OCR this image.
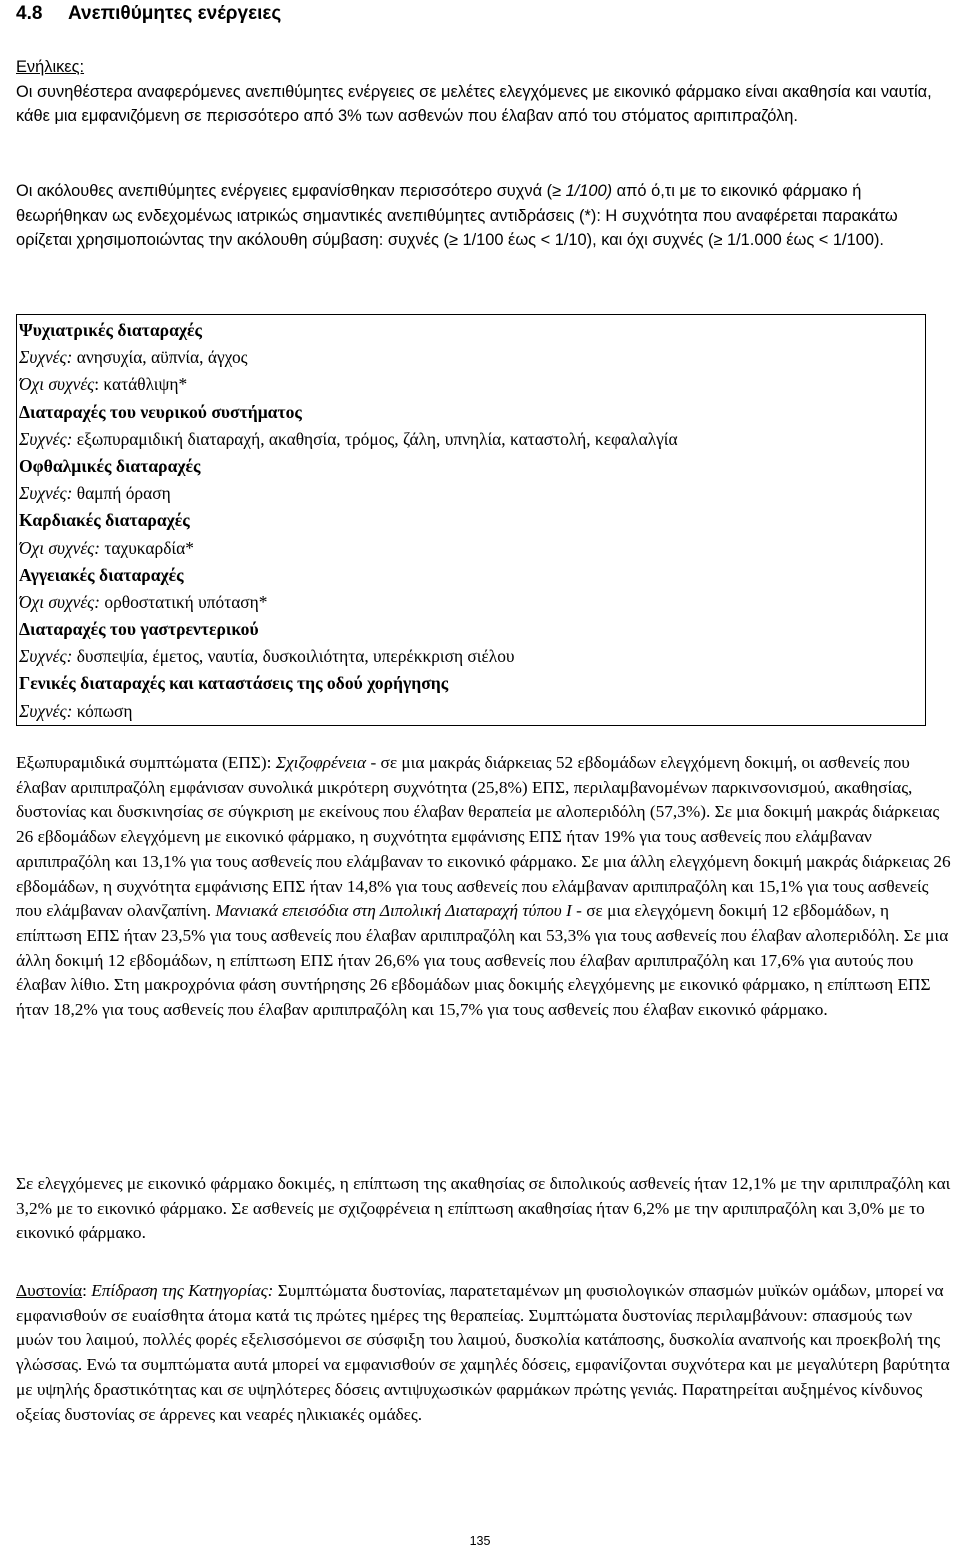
4.8 Ανεπιθύμητες ενέργειες
Ενήλικες:
Οι συνηθέστερα αναφερόμενες ανεπιθύμητες ενέργειες σε μελέτες ελεγχόμενες με εικονικό φάρμακο είναι ακαθησία και ναυτία, κάθε μια εμφανιζόμενη σε περισσότερο από 3% των ασθενών που έλαβαν από του στόματος αριπιπραζόλη.
Οι ακόλουθες ανεπιθύμητες ενέργειες εμφανίσθηκαν περισσότερο συχνά (≥ 1/100) από ό,τι με το εικονικό φάρμακο ή θεωρήθηκαν ως ενδεχομένως ιατρικώς σημαντικές ανεπιθύμητες αντιδράσεις (*): Η συχνότητα που αναφέρεται παρακάτω ορίζεται χρησιμοποιώντας την ακόλουθη σύμβαση: συχνές (≥ 1/100 έως < 1/10), και όχι συχνές (≥ 1/1.000 έως < 1/100).
Ψυχιατρικές διαταραχές
Συχνές: ανησυχία, αϋπνία, άγχος
Όχι συχνές: κατάθλιψη*
Διαταραχές του νευρικού συστήματος
Συχνές: εξωπυραμιδική διαταραχή, ακαθησία, τρόμος, ζάλη, υπνηλία, καταστολή, κεφαλαλγία
Οφθαλμικές διαταραχές
Συχνές: θαμπή όραση
Καρδιακές διαταραχές
Όχι συχνές: ταχυκαρδία*
Αγγειακές διαταραχές
Όχι συχνές: ορθοστατική υπόταση*
Διαταραχές του γαστρεντερικού
Συχνές: δυσπεψία, έμετος, ναυτία, δυσκοιλιότητα, υπερέκκριση σιέλου
Γενικές διαταραχές και καταστάσεις της οδού χορήγησης
Συχνές: κόπωση
Εξωπυραμιδικά συμπτώματα (ΕΠΣ): Σχιζοφρένεια - σε μια μακράς διάρκειας 52 εβδομάδων ελεγχόμενη δοκιμή, οι ασθενείς που έλαβαν αριπιπραζόλη εμφάνισαν συνολικά μικρότερη συχνότητα (25,8%) ΕΠΣ, περιλαμβανομένων παρκινσονισμού, ακαθησίας, δυστονίας και δυσκινησίας σε σύγκριση με εκείνους που έλαβαν θεραπεία με αλοπεριδόλη (57,3%). Σε μια δοκιμή μακράς διάρκειας 26 εβδομάδων ελεγχόμενη με εικονικό φάρμακο, η συχνότητα εμφάνισης ΕΠΣ ήταν 19% για τους ασθενείς που ελάμβαναν αριπιπραζόλη και 13,1% για τους ασθενείς που ελάμβαναν το εικονικό φάρμακο. Σε μια άλλη ελεγχόμενη δοκιμή μακράς διάρκειας 26 εβδομάδων, η συχνότητα εμφάνισης ΕΠΣ ήταν 14,8% για τους ασθενείς που ελάμβαναν αριπιπραζόλη και 15,1% για τους ασθενείς που ελάμβαναν ολανζαπίνη. Μανιακά επεισόδια στη Διπολική Διαταραχή τύπου Ι - σε μια ελεγχόμενη δοκιμή 12 εβδομάδων, η επίπτωση ΕΠΣ ήταν 23,5% για τους ασθενείς που έλαβαν αριπιπραζόλη και 53,3% για τους ασθενείς που έλαβαν αλοπεριδόλη. Σε μια άλλη δοκιμή 12 εβδομάδων, η επίπτωση ΕΠΣ ήταν 26,6% για τους ασθενείς που έλαβαν αριπιπραζόλη και 17,6% για αυτούς που έλαβαν λίθιο. Στη μακροχρόνια φάση συντήρησης 26 εβδομάδων μιας δοκιμής ελεγχόμενης με εικονικό φάρμακο, η επίπτωση ΕΠΣ ήταν 18,2% για τους ασθενείς που έλαβαν αριπιπραζόλη και 15,7% για τους ασθενείς που έλαβαν εικονικό φάρμακο.
Σε ελεγχόμενες με εικονικό φάρμακο δοκιμές, η επίπτωση της ακαθησίας σε διπολικούς ασθενείς ήταν 12,1% με την αριπιπραζόλη και 3,2% με το εικονικό φάρμακο. Σε ασθενείς με σχιζοφρένεια η επίπτωση ακαθησίας ήταν 6,2% με την αριπιπραζόλη και 3,0% με το εικονικό φάρμακο.
Δυστονία: Επίδραση της Κατηγορίας: Συμπτώματα δυστονίας, παρατεταμένων μη φυσιολογικών σπασμών μυϊκών ομάδων, μπορεί να εμφανισθούν σε ευαίσθητα άτομα κατά τις πρώτες ημέρες της θεραπείας. Συμπτώματα δυστονίας περιλαμβάνουν: σπασμούς των μυών του λαιμού, πολλές φορές εξελισσόμενοι σε σύσφιξη του λαιμού, δυσκολία κατάποσης, δυσκολία αναπνοής και προεκβολή της γλώσσας. Ενώ τα συμπτώματα αυτά μπορεί να εμφανισθούν σε χαμηλές δόσεις, εμφανίζονται συχνότερα και με μεγαλύτερη βαρύτητα με υψηλής δραστικότητας και σε υψηλότερες δόσεις αντιψυχωσικών φαρμάκων πρώτης γενιάς. Παρατηρείται αυξημένος κίνδυνος οξείας δυστονίας σε άρρενες και νεαρές ηλικιακές ομάδες.
135
